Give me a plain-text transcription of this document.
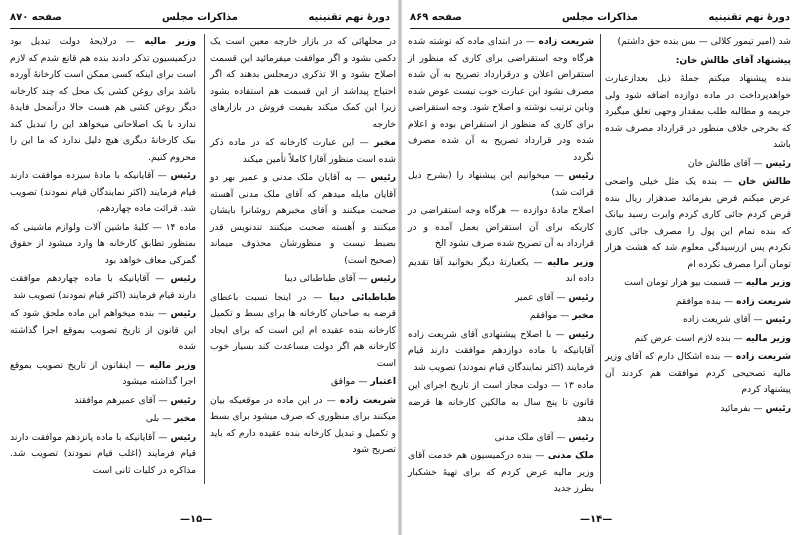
دورهٔ نهم تقنینیه
مذاکرات مجلس
صفحه ۸۷۰

در محلهائی که در بازار خارجه معین است یک دکمی بشود و اگر موافقت میفرمائید این قسمت اصلاح بشود و الا تذکری درمجلس بدهند که اگر احتیاج پیداشد از این قسمت هم استفاده بشود زیرا این کمک میکند بقیمت فروش در بازارهای خارجه

مخبر — این عبارت کارخانه که در ماده ذکر شده است منظور آقارا کاملاً تأمین میکند

رئیس — به آقایان ملک مدنی و عمیر بهر دو آقایان مایله میدهم که آقای ملک مدنی آهسته صحبت میکنند و آقای مخبرهم روشانرا بایشان میکنند و آهسته صحبت میکنند تندنویس قدر بضبط نیست و منظورشان محذوف میماند (صحیح است)

رئیس — آقای طباطبائی دیبا

طباطبائی دیبا — در اینجا نسبت باعطای قرضه به صاحبان کارخانه ها برای بسط و تکمیل کارخانه بنده عقیده ام این است که برای ایجاد کارخانه هم اگر دولت مساعدت کند بسیار خوب است

اعتبار — موافق

شریعت زاده — در این ماده در موقعیکه بیان میکنند برای منظوری که صرف میشود برای بسط و تکمیل و تبدیل کارخانه بنده عقیده دارم که باید تصریح شود

وزیر مالیه — درلایحهٔ دولت تبدیل بود درکمیسیون تذکر دادند بنده هم قانع شدم که لازم است برای اینکه کسی ممکن است کارخانهٔ آورده باشد برای روغن کشی یک محل که چند کارخانه دیگر روغن کشی هم هست حالا درآنمحل فایدهٔ ندارد با یک اصلاحاتی میخواهد این را تبدیل کند بیک کارخانهٔ دیگری هیچ دلیل ندارد که ما این را محروم کنیم.

رئیس — آقایانیکه با مادهٔ سیزده موافقت دارند قیام فرمایند (اکثر نمایندگان قیام نمودند) تصویب شد. قرائت ماده چهاردهم.

ماده ۱۴ — کلیهٔ ماشین آلات ولوازم ماشینی که بمنظور تطابق کارخانه ها وارد میشود از حقوق گمرکی معاف خواهد بود

رئیس — آقایانیکه با ماده چهاردهم موافقت دارند قیام فرمایند (اکثر قیام نمودند) تصویب شد

رئیس — بنده میخواهم این ماده ملحق شود که این قانون از تاریخ تصویب بموقع اجرا گذاشته شده

وزیر مالیه — اینقانون از تاریخ تصویب بموقع اجرا گذاشته میشود

رئیس — آقای عمیرهم موافقند

مخبر — بلی

رئیس — آقایانیکه با ماده پانزدهم موافقت دارند قیام فرمایند (اغلب قیام نمودند) تصویب شد. مذاکره در کلیات ثانی است

—۱۵—
دورهٔ نهم تقنینیه
مذاکرات مجلس
صفحه ۸۶۹

شد (امیر تیمور کلالی — بس بنده حق داشتم)

پیشنهاد آقای طالش خان:

بنده پیشنهاد میکنم جملهٔ ذیل بعدازعبارت خواهدپرداخت در ماده دوازده اضافه شود ولی جریمه و مطالبه طلب بمقدار وجهی تعلق میگیرد که بخرجی خلاف منظور در قرارداد مصرف شده باشد

رئیس — آقای طالش خان

طالش خان — بنده یک مثل خیلی واضحی عرض میکنم فرض بفرمائید صدهزار ریال بنده قرض کردم جائی کاری کردم وایرت رسید بیانک که بنده تمام این پول را مصرف جائی کاری نکردم پس ازرسیدگی معلوم شد که هشت هزار تومان آنرا مصرف نکرده ام

وزیر مالیه — قسمت بیو هزار تومان است

شریعت زاده — بنده موافقم

رئیس — آقای شریعت زاده

وزیر مالیه — بنده لازم است عرض کنم

شریعت زاده — بنده اشکال دارم که آقای وزیر مالیه تصحیحی کردم موافقت هم کردند آن پیشنهاد کردم

رئیس — بفرمائید

شریعت زاده — در ابتدای ماده که نوشته شده هرگاه وجه استقراضی برای کاری که منظور از استقراض اعلان و درقرارداد تصریح به آن شده مصرف نشود این عبارت خوب نیست عوض شده وباین ترتیب نوشته و اصلاح شود. وجه استقراضی برای کاری که منظور از استقراض بوده و اعلام شده ودر قرارداد تصریح به آن شده مصرف نگردد

رئیس — میخوانیم این پیشنهاد را (بشرح ذیل قرائت شد)

اصلاح مادهٔ دوازده — هرگاه وجه استقراضی در کاریکه برای آن استقراض بعمل آمده و در قرارداد به آن تصریح شده صرف نشود الخ

وزیر مالیه — یکعبارتهٔ دیگر بخوانید آقا تقدیم داده اند

رئیس — آقای عمیر

مخبر — موافقم

رئیس — با اصلاح پیشنهادی آقای شریعت زاده آقایانیکه با ماده دوازدهم موافقت دارند قیام فرمایند (اکثر نمایندگان قیام نمودند) تصویب شد

ماده ۱۳ — دولت مجاز است از تاریخ اجرای این قانون تا پنج سال به مالکین کارخانه ها قرضه بدهد

رئیس — آقای ملک مدنی

ملک مدنی — بنده درکمیسیون هم خدمت آقای وزیر مالیه عرض کردم که برای تهیهٔ خشکبار بطرز جدید

—۱۴—
